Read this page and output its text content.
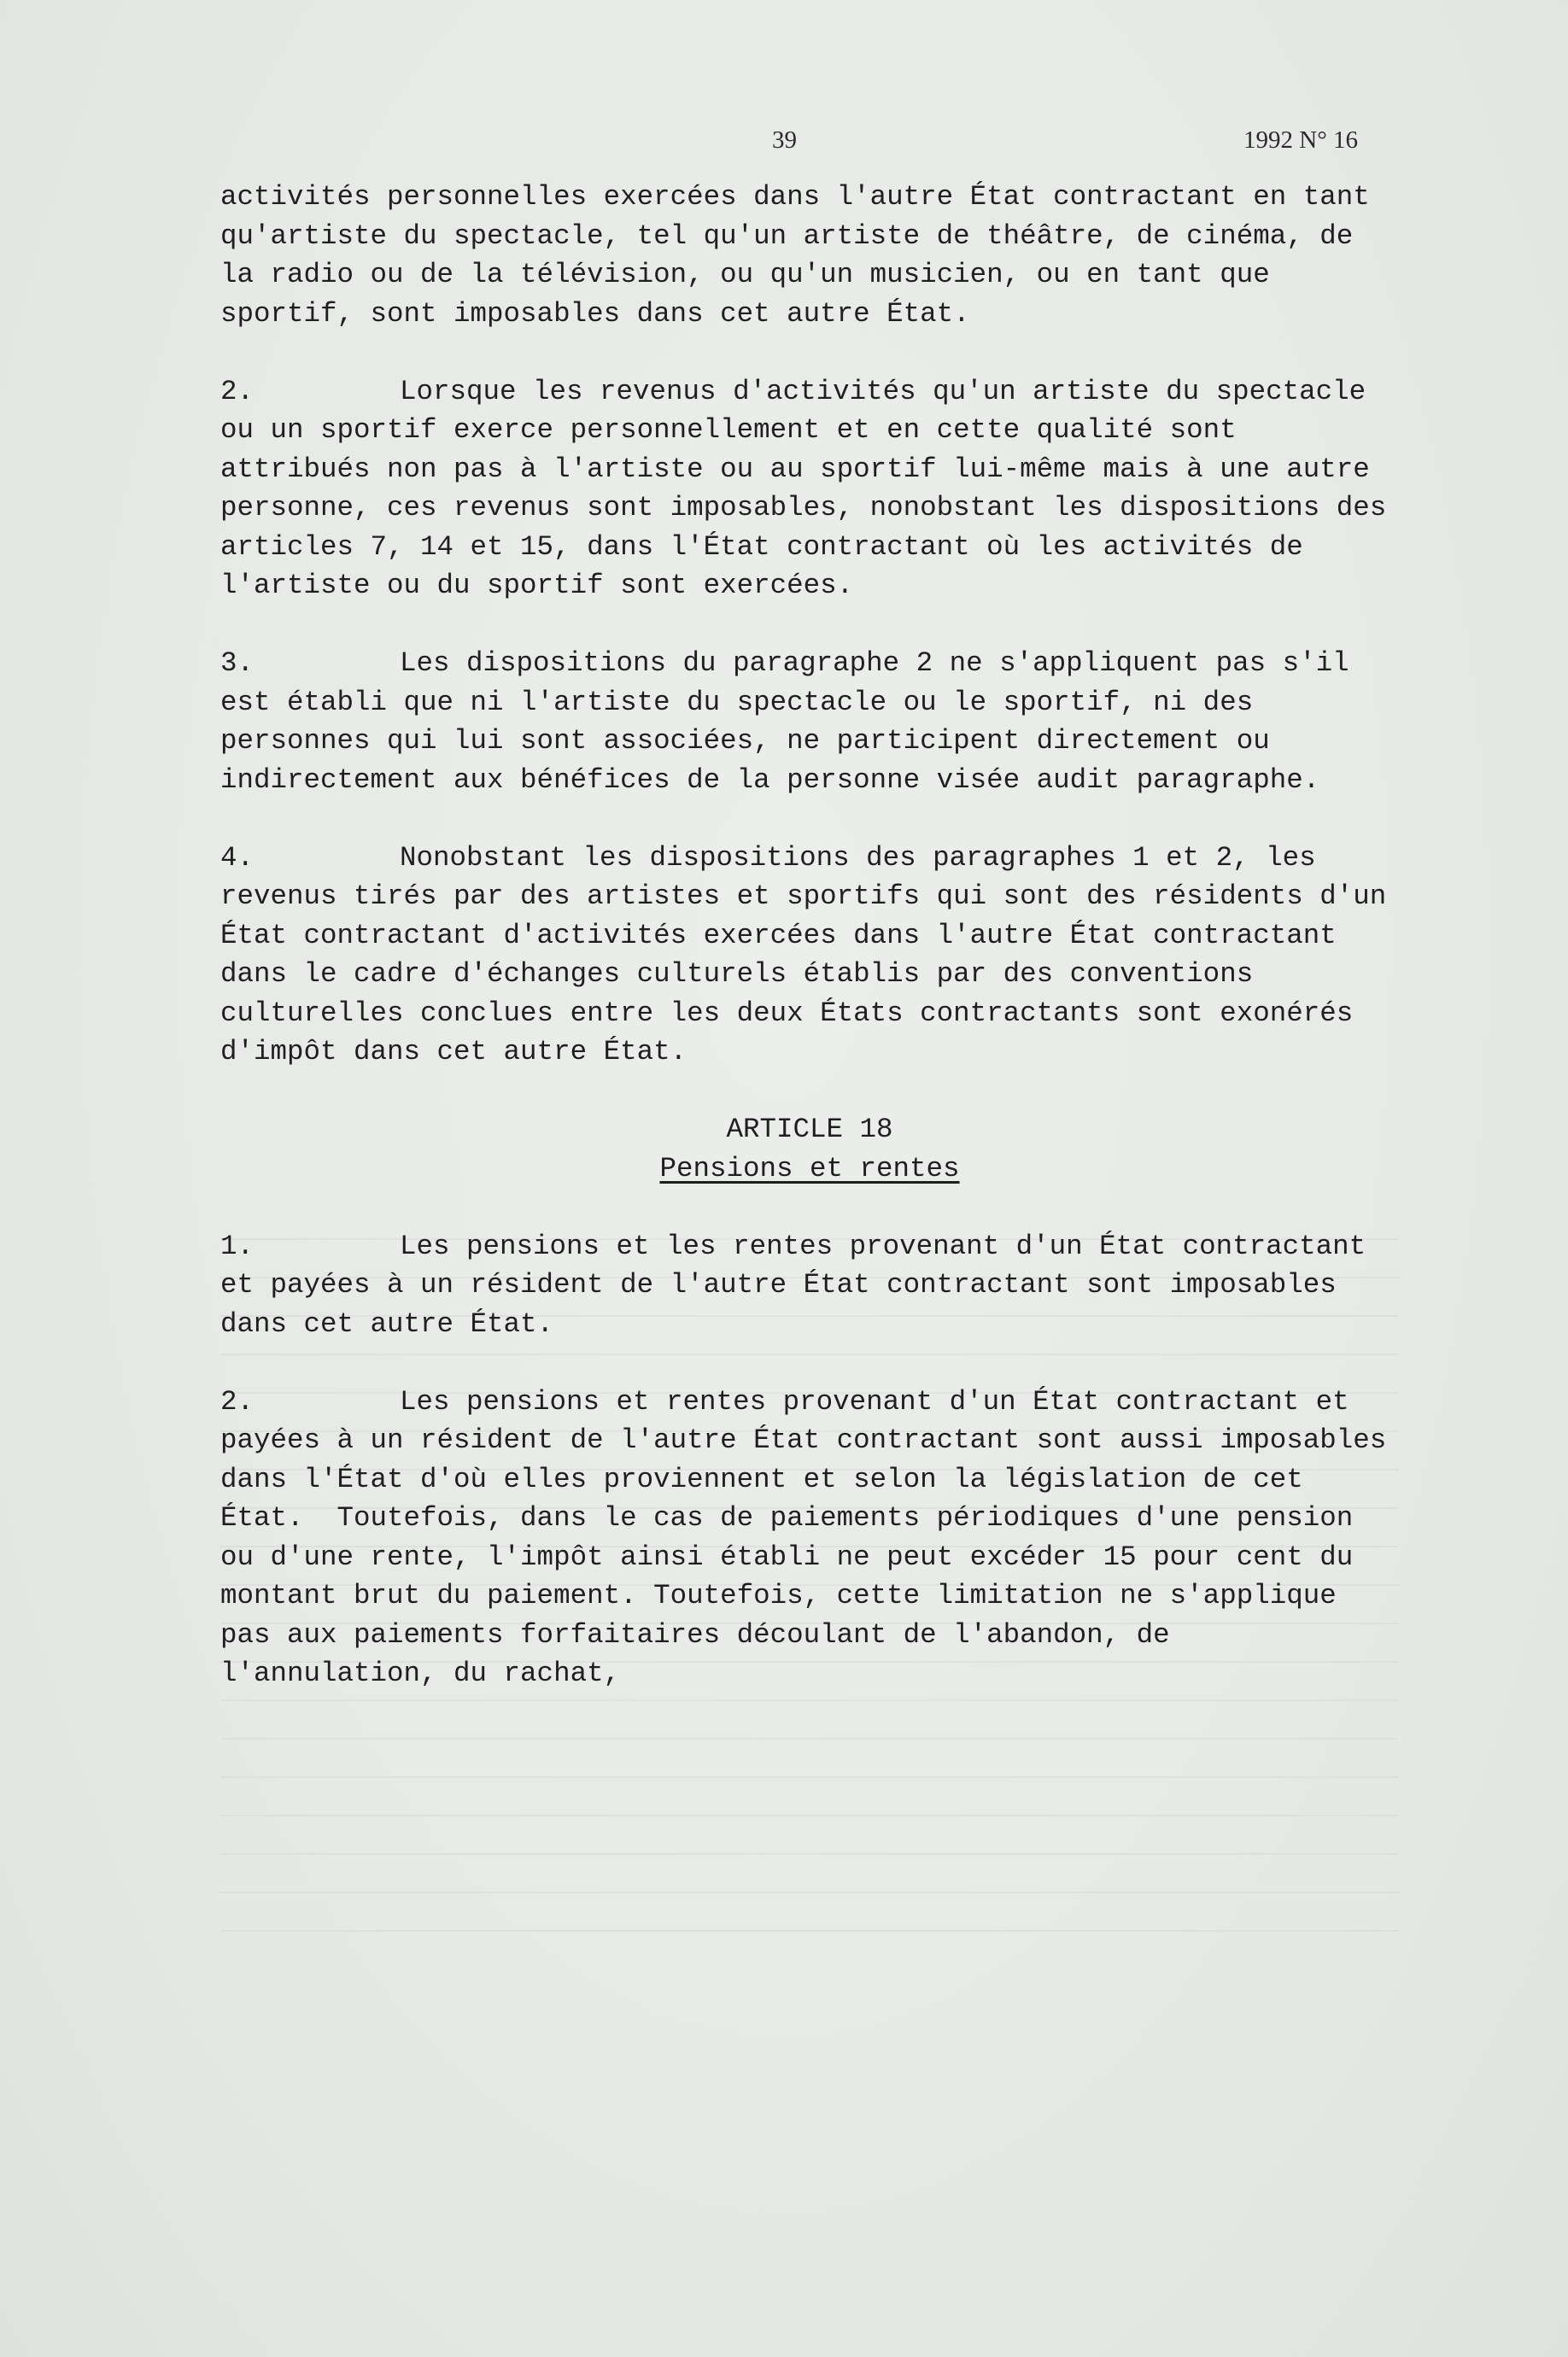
39	1992 N° 16

activités personnelles exercées dans l'autre État contractant en tant qu'artiste du spectacle, tel qu'un artiste de théâtre, de cinéma, de la radio ou de la télévision, ou qu'un musicien, ou en tant que sportif, sont imposables dans cet autre État.

2.	Lorsque les revenus d'activités qu'un artiste du spectacle ou un sportif exerce personnellement et en cette qualité sont attribués non pas à l'artiste ou au sportif lui-même mais à une autre personne, ces revenus sont imposables, nonobstant les dispositions des articles 7, 14 et 15, dans l'État contractant où les activités de l'artiste ou du sportif sont exercées.

3.	Les dispositions du paragraphe 2 ne s'appliquent pas s'il est établi que ni l'artiste du spectacle ou le sportif, ni des personnes qui lui sont associées, ne participent directement ou indirectement aux bénéfices de la personne visée audit paragraphe.

4.	Nonobstant les dispositions des paragraphes 1 et 2, les revenus tirés par des artistes et sportifs qui sont des résidents d'un État contractant d'activités exercées dans l'autre État contractant dans le cadre d'échanges culturels établis par des conventions culturelles conclues entre les deux États contractants sont exonérés d'impôt dans cet autre État.

ARTICLE 18

Pensions et rentes

1.	Les pensions et les rentes provenant d'un État contractant et payées à un résident de l'autre État contractant sont imposables dans cet autre État.

2.	Les pensions et rentes provenant d'un État contractant et payées à un résident de l'autre État contractant sont aussi imposables dans l'État d'où elles proviennent et selon la législation de cet État.  Toutefois, dans le cas de paiements périodiques d'une pension ou d'une rente, l'impôt ainsi établi ne peut excéder 15 pour cent du montant brut du paiement. Toutefois, cette limitation ne s'applique pas aux paiements forfaitaires découlant de l'abandon, de l'annulation, du rachat,
